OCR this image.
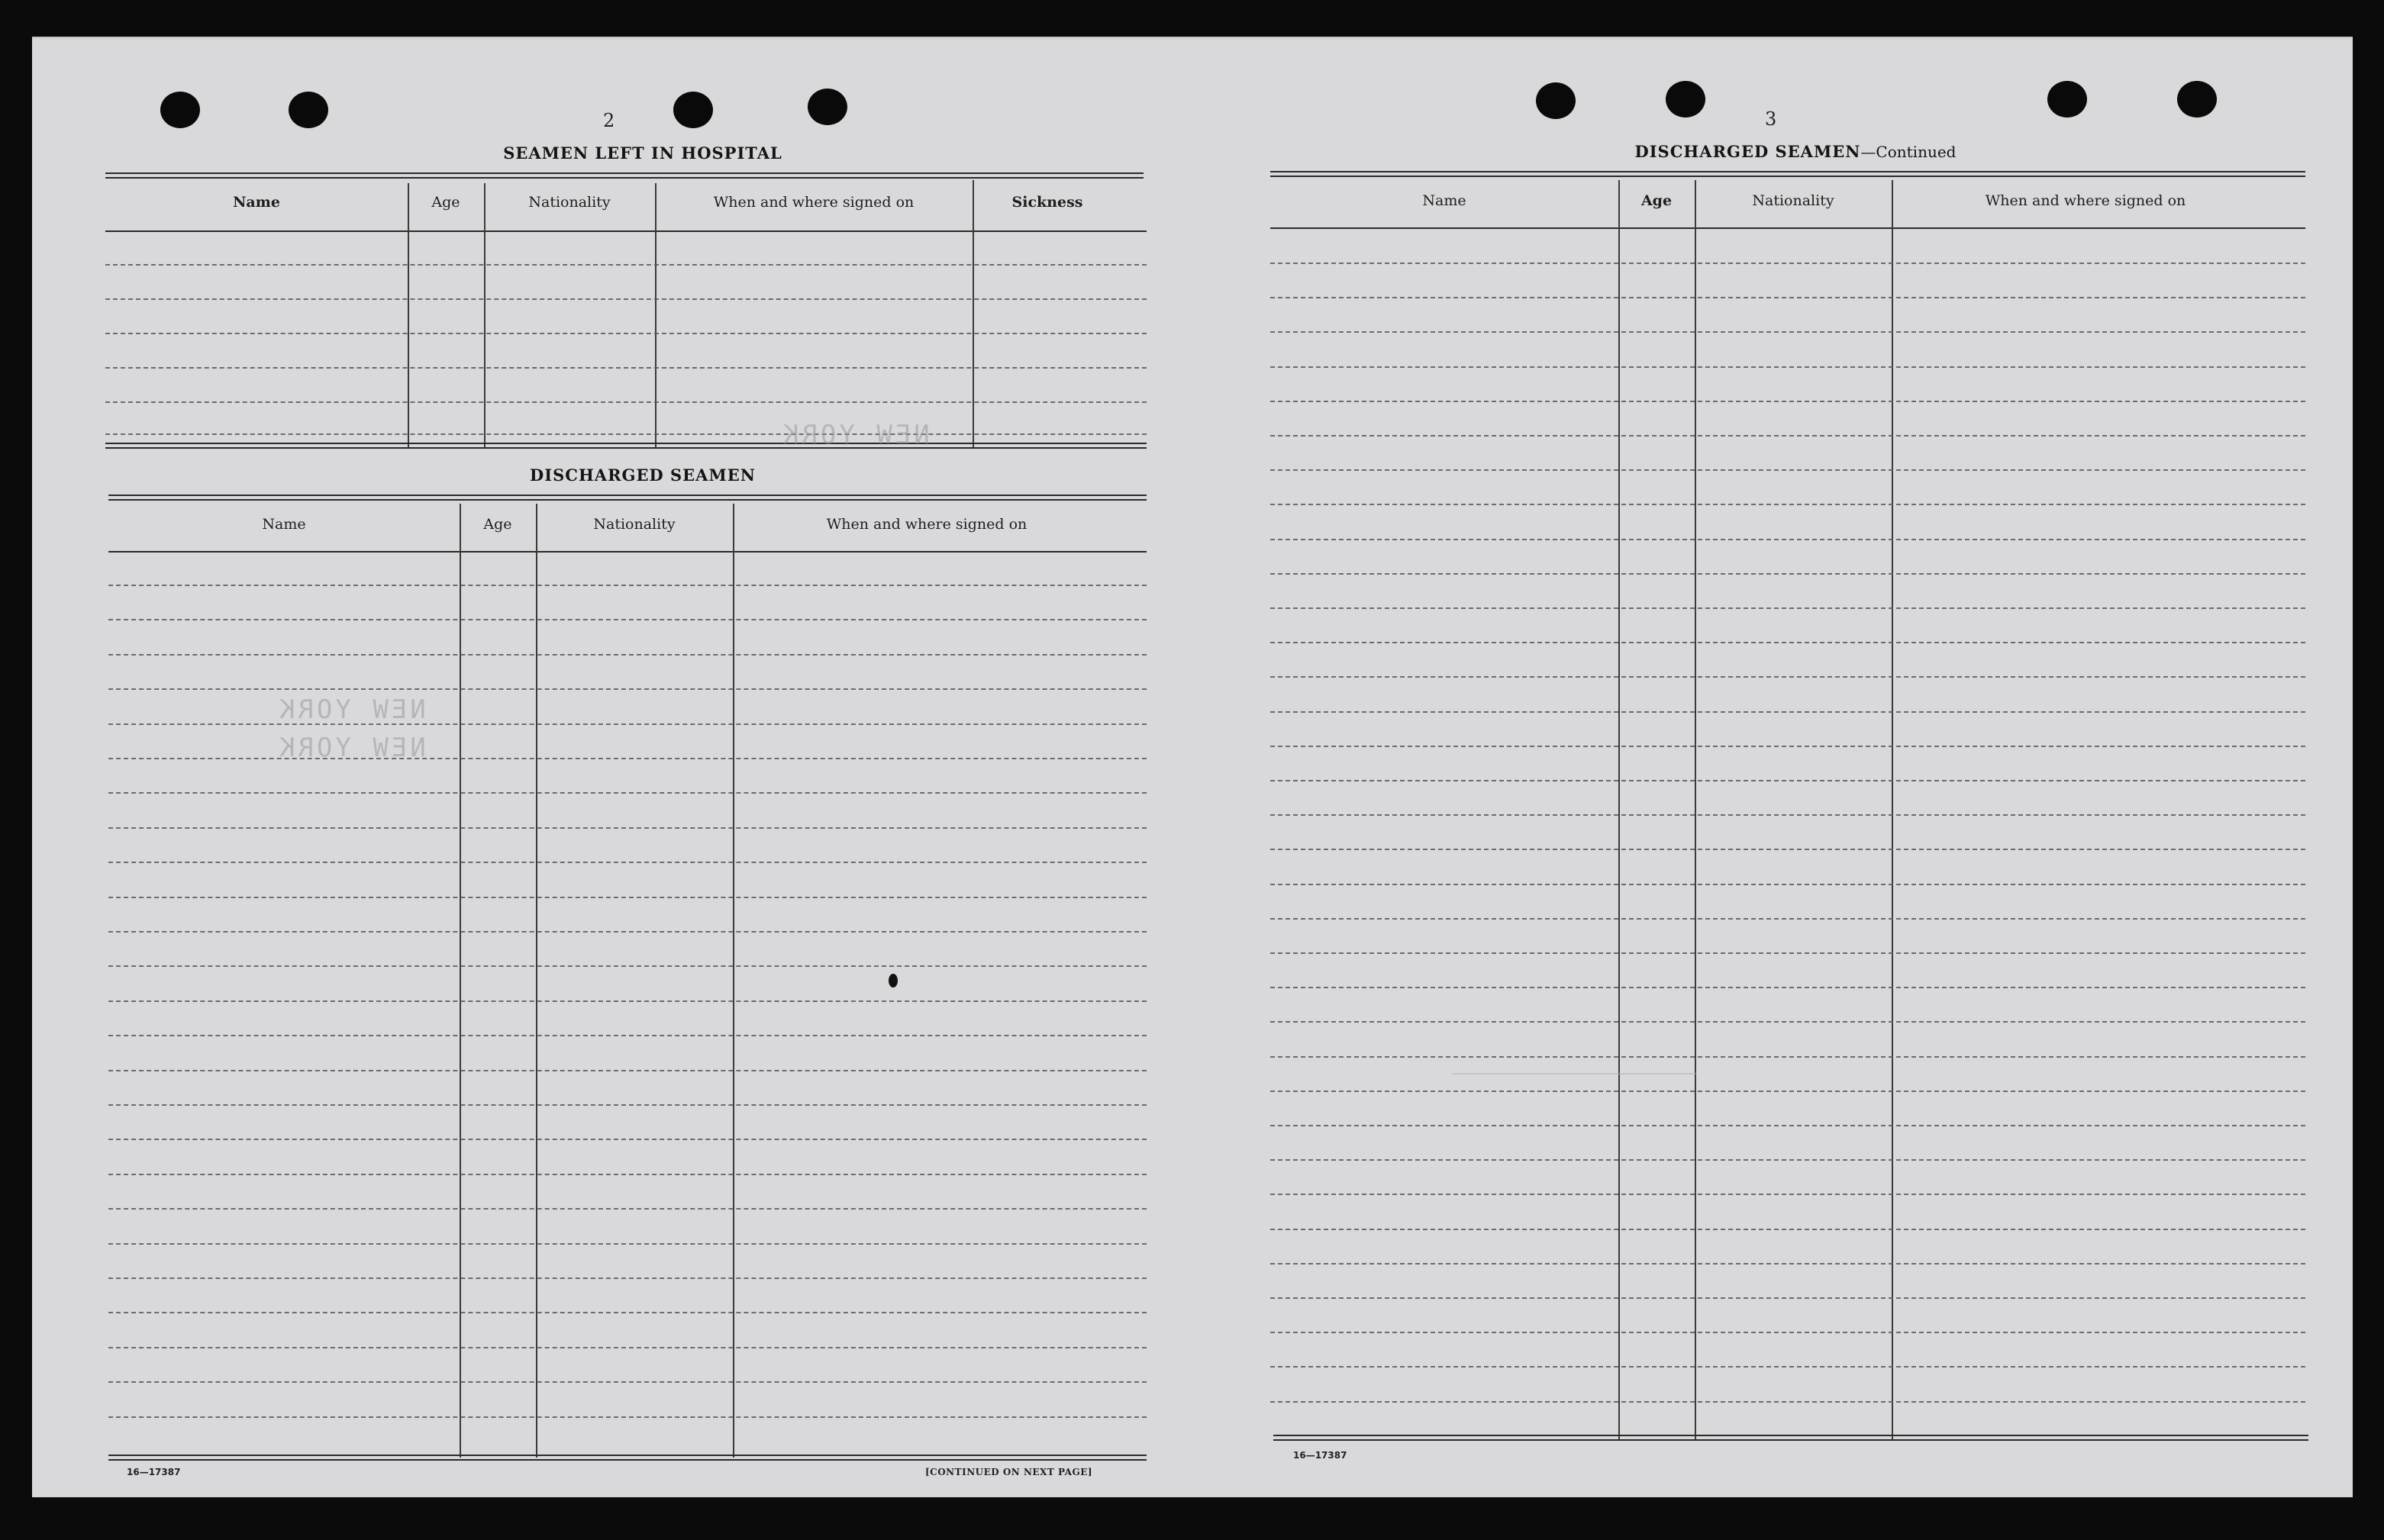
2
SEAMEN LEFT IN HOSPITAL
Name	Age	Nationality	When and where signed on	Sickness
DISCHARGED SEAMEN
Name	Age	Nationality	When and where signed on
16—17387	[CONTINUED ON NEXT PAGE]
NEW YORK
NEW YORK
NEW YORK
3
DISCHARGED SEAMEN—Continued
Name	Age	Nationality	When and where signed on
16—17387
